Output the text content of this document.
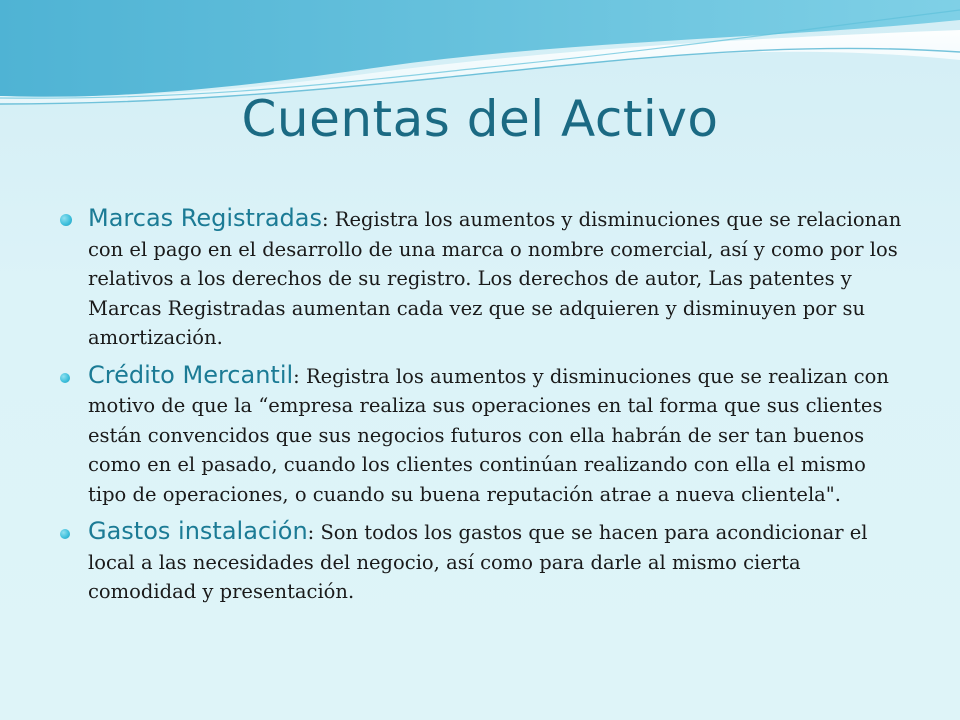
Cuentas del Activo

Marcas Registradas: Registra los aumentos y disminuciones que se relacionan con el pago en el desarrollo de una marca o nombre comercial, así y como por los relativos a los derechos de su registro. Los derechos de autor, Las patentes y Marcas Registradas aumentan cada vez que se adquieren y disminuyen por su amortización.

Crédito Mercantil: Registra los aumentos y disminuciones que se realizan con motivo de que la “empresa realiza sus operaciones en tal forma que sus clientes están convencidos que sus negocios futuros con ella habrán de ser tan buenos como en el pasado, cuando los clientes continúan realizando con ella el mismo tipo de operaciones, o cuando su buena reputación atrae a nueva clientela".

Gastos instalación: Son todos los gastos que se hacen para acondicionar el local a las necesidades del negocio, así como para darle al mismo cierta comodidad y presentación.
